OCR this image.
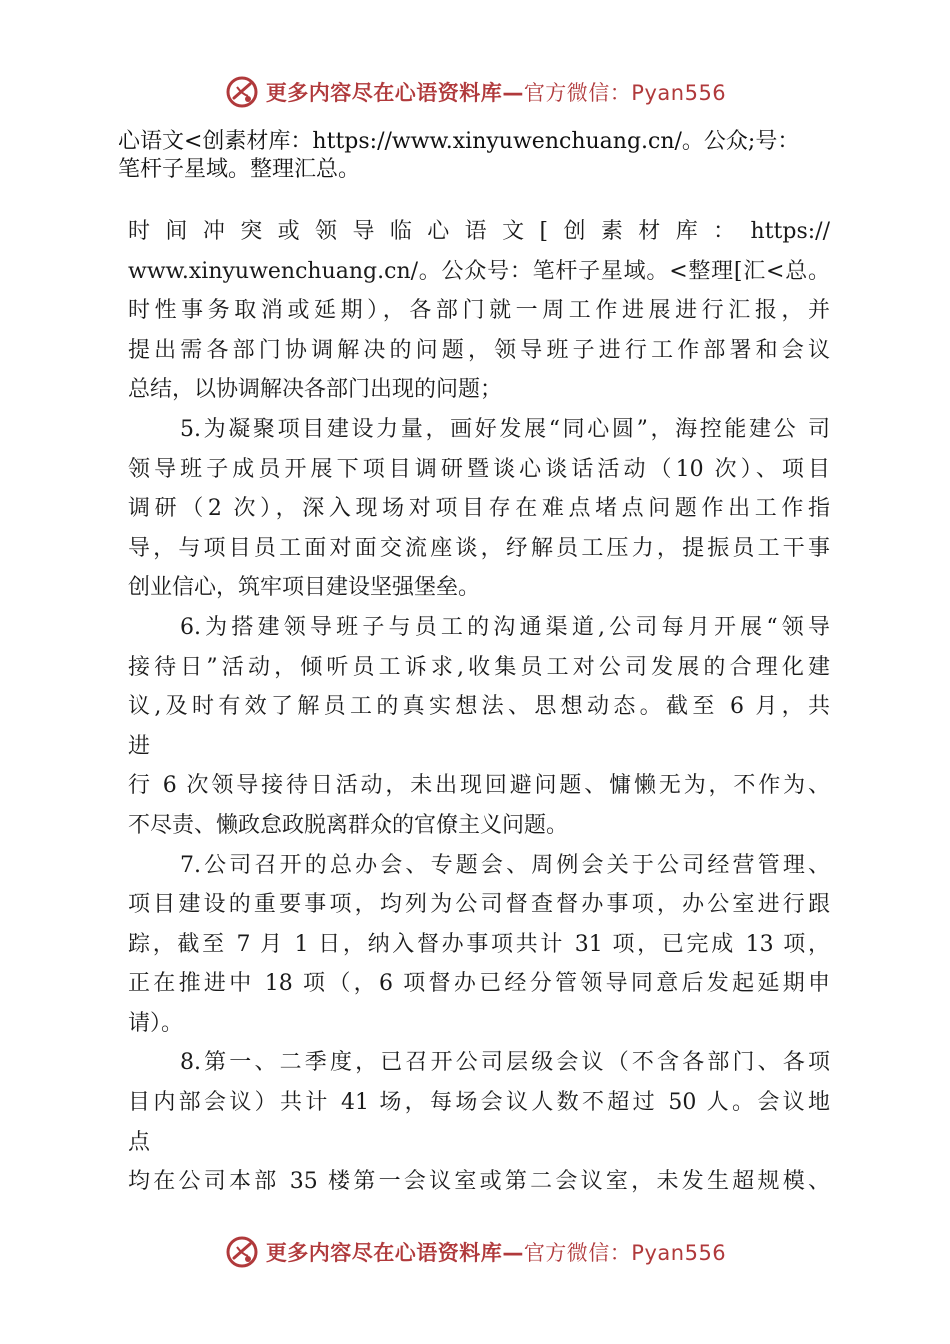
更多内容尽在心语资料库—官方微信：Pyan556
心语文<创素材库：https://www.xinyuwenchuang.cn/。公众;号：
笔杆子星域。整理汇总。
时间冲突或领导临心语文[创素材库：https://
www.xinyuwenchuang.cn/。公众号：笔杆子星域。<整理[汇<总。
时性事务取消或延期），各部门就一周工作进展进行汇报，并
提出需各部门协调解决的问题，领导班子进行工作部署和会议
总结，以协调解决各部门出现的问题；
5.为凝聚项目建设力量，画好发展“同心圆”，海控能建公 司
领导班子成员开展下项目调研暨谈心谈话活动（10 次）、项目
调研（2 次），深入现场对项目存在难点堵点问题作出工作指
导，与项目员工面对面交流座谈，纾解员工压力，提振员工干事
创业信心，筑牢项目建设坚强堡垒。
6.为搭建领导班子与员工的沟通渠道,公司每月开展“领导
接待日”活动，倾听员工诉求,收集员工对公司发展的合理化建
议,及时有效了解员工的真实想法、思想动态。截至 6 月，共
进
行 6 次领导接待日活动，未出现回避问题、慵懒无为，不作为、
不尽责、懒政怠政脱离群众的官僚主义问题。
7.公司召开的总办会、专题会、周例会关于公司经营管理、
项目建设的重要事项，均列为公司督查督办事项，办公室进行跟
踪，截至 7 月 1 日，纳入督办事项共计 31 项，已完成 13 项，
正在推进中 18 项（，6 项督办已经分管领导同意后发起延期申
请）。
8.第一、二季度，已召开公司层级会议（不含各部门、各项
目内部会议）共计 41 场，每场会议人数不超过 50 人。会议地
点
均在公司本部 35 楼第一会议室或第二会议室，未发生超规模、
更多内容尽在心语资料库—官方微信：Pyan556
